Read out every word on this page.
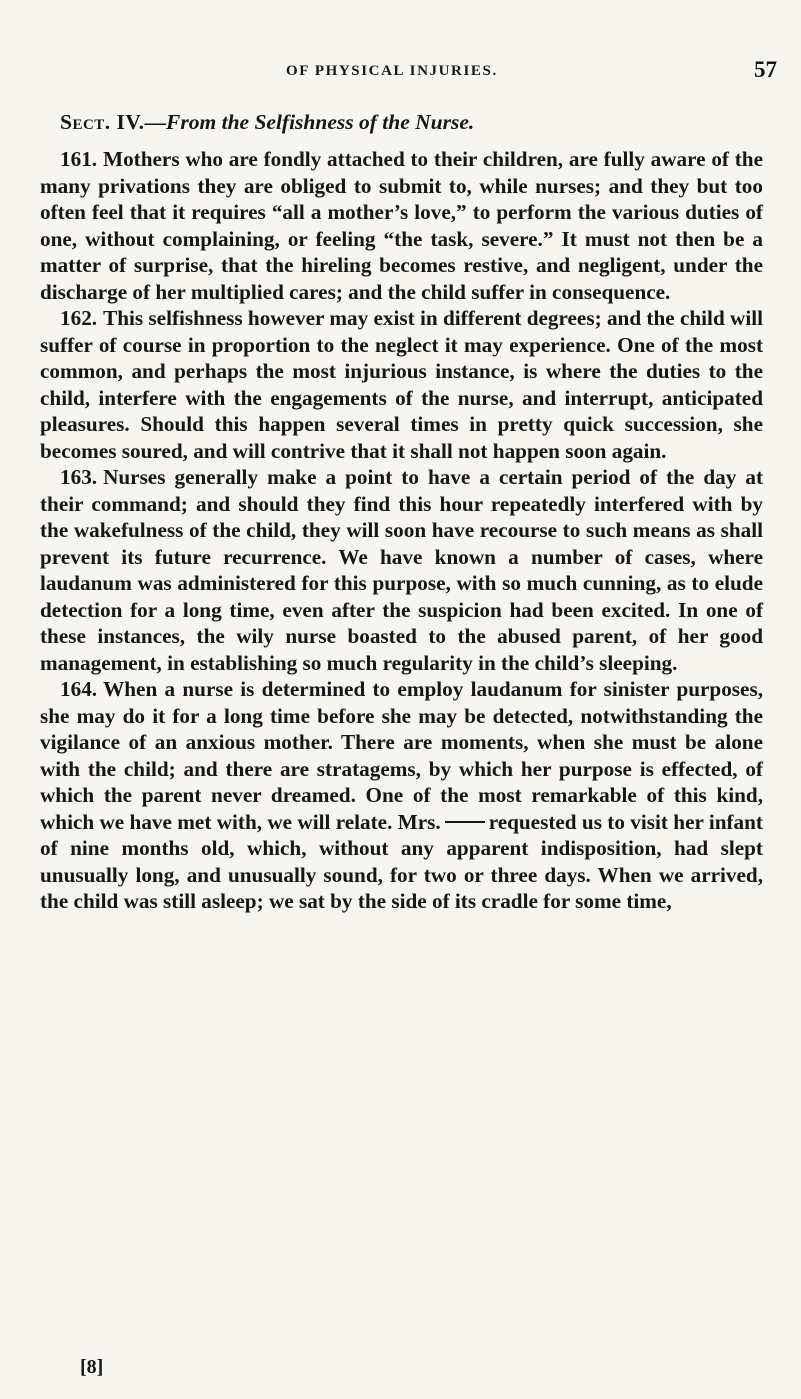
OF PHYSICAL INJURIES.	57
Sect. IV.—From the Selfishness of the Nurse.

161. Mothers who are fondly attached to their children, are fully aware of the many privations they are obliged to submit to, while nurses; and they but too often feel that it requires “all a mother’s love,” to perform the various duties of one, without complaining, or feeling “the task, severe.” It must not then be a matter of surprise, that the hireling becomes restive, and negligent, under the discharge of her multiplied cares; and the child suffer in consequence.

162. This selfishness however may exist in different degrees; and the child will suffer of course in proportion to the neglect it may experience. One of the most common, and perhaps the most injurious instance, is where the duties to the child, interfere with the engagements of the nurse, and interrupt, anticipated pleasures. Should this happen several times in pretty quick succession, she becomes soured, and will contrive that it shall not happen soon again.

163. Nurses generally make a point to have a certain period of the day at their command; and should they find this hour repeatedly interfered with by the wakefulness of the child, they will soon have recourse to such means as shall prevent its future recurrence. We have known a number of cases, where laudanum was administered for this purpose, with so much cunning, as to elude detection for a long time, even after the suspicion had been excited. In one of these instances, the wily nurse boasted to the abused parent, of her good management, in establishing so much regularity in the child’s sleeping.

164. When a nurse is determined to employ laudanum for sinister purposes, she may do it for a long time before she may be detected, notwithstanding the vigilance of an anxious mother. There are moments, when she must be alone with the child; and there are stratagems, by which her purpose is effected, of which the parent never dreamed. One of the most remarkable of this kind, which we have met with, we will relate. Mrs. requested us to visit her infant of nine months old, which, without any apparent indisposition, had slept unusually long, and unusually sound, for two or three days. When we arrived, the child was still asleep; we sat by the side of its cradle for some time,

[8]
